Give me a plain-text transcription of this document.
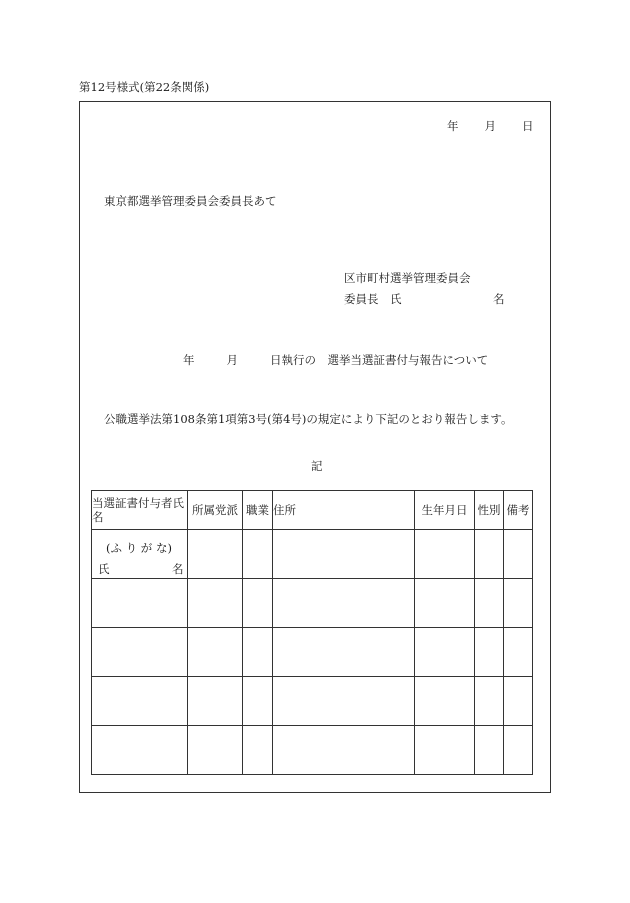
第12号様式(第22条関係)
年 月 日
東京都選挙管理委員会委員長あて
区市町村選挙管理委員会
委員長　氏	名
年	月	日執行の　選挙当選証書付与報告について
公職選挙法第108条第1項第3号(第4号)の規定により下記のとおり報告します。
記
当選証書付与者氏名	所属党派	職業	住所	生年月日	性別	備考

(ふ り が な)
氏 名						
